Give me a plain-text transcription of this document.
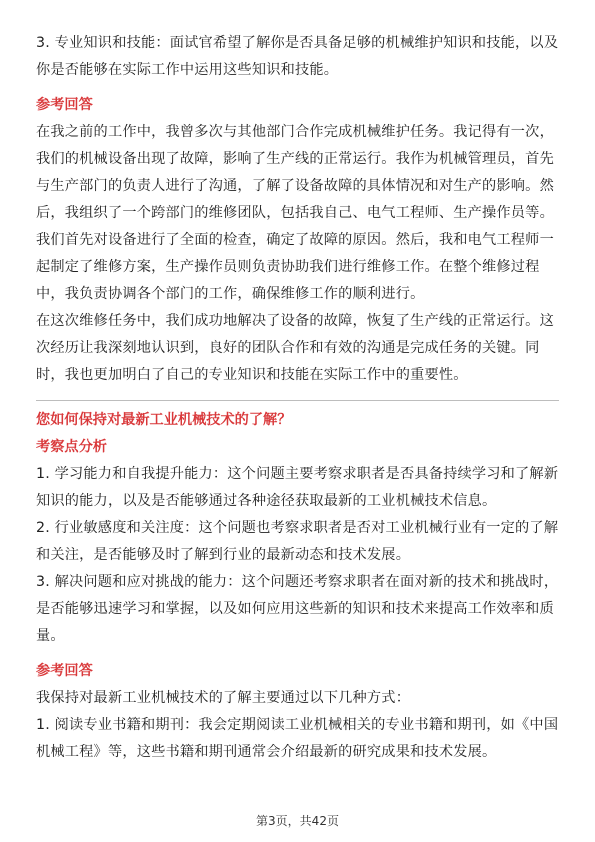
3. 专业知识和技能：面试官希望了解你是否具备足够的机械维护知识和技能，以及你是否能够在实际工作中运用这些知识和技能。

参考回答

在我之前的工作中，我曾多次与其他部门合作完成机械维护任务。我记得有一次，我们的机械设备出现了故障，影响了生产线的正常运行。我作为机械管理员，首先与生产部门的负责人进行了沟通，了解了设备故障的具体情况和对生产的影响。然后，我组织了一个跨部门的维修团队，包括我自己、电气工程师、生产操作员等。我们首先对设备进行了全面的检查，确定了故障的原因。然后，我和电气工程师一起制定了维修方案，生产操作员则负责协助我们进行维修工作。在整个维修过程中，我负责协调各个部门的工作，确保维修工作的顺利进行。

在这次维修任务中，我们成功地解决了设备的故障，恢复了生产线的正常运行。这次经历让我深刻地认识到，良好的团队合作和有效的沟通是完成任务的关键。同时，我也更加明白了自己的专业知识和技能在实际工作中的重要性。

您如何保持对最新工业机械技术的了解？
考察点分析

1. 学习能力和自我提升能力：这个问题主要考察求职者是否具备持续学习和了解新知识的能力，以及是否能够通过各种途径获取最新的工业机械技术信息。

2. 行业敏感度和关注度：这个问题也考察求职者是否对工业机械行业有一定的了解和关注，是否能够及时了解到行业的最新动态和技术发展。

3. 解决问题和应对挑战的能力：这个问题还考察求职者在面对新的技术和挑战时，是否能够迅速学习和掌握，以及如何应用这些新的知识和技术来提高工作效率和质量。

参考回答

我保持对最新工业机械技术的了解主要通过以下几种方式：

1. 阅读专业书籍和期刊：我会定期阅读工业机械相关的专业书籍和期刊，如《中国机械工程》等，这些书籍和期刊通常会介绍最新的研究成果和技术发展。

第3页，共42页
